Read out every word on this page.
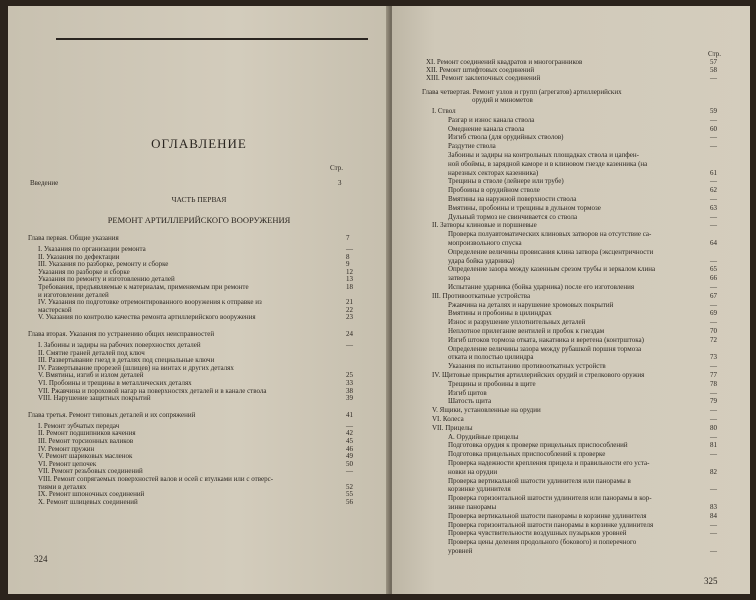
ОГЛАВЛЕНИЕ
Стр.
Введение	3
ЧАСТЬ ПЕРВАЯ
РЕМОНТ АРТИЛЛЕРИЙСКОГО ВООРУЖЕНИЯ
Глава первая. Общие указания	7
I. Указания по организации ремонта	—
II. Указания по дефектации	8
III. Указания по разборке, ремонту и сборке	9
Указания по разборке и сборке	12
Указания по ремонту и изготовлению деталей	13
Требования, предъявляемые к материалам, применяемым при ремонте	18
и изготовлении деталей
IV. Указания по подготовке отремонтированного вооружения к отправке из	21
мастерской	22
V. Указания по контролю качества ремонта артиллерийского вооружения	23
Глава вторая. Указания по устранению общих неисправностей	24
I. Забоины и задиры на рабочих поверхностях деталей	—
II. Смятие граней деталей под ключ
III. Развертывание гнезд в деталях под специальные ключи
IV. Развертывание прорезей (шлицев) на винтах и других деталях
V. Вмятины, изгиб и излом деталей	25
VI. Пробоины и трещины в металлических деталях	33
VII. Ржавчина и пороховой нагар на поверхностях деталей и в канале ствола	38
VIII. Нарушение защитных покрытий	39
Глава третья. Ремонт типовых деталей и их сопряжений	41
I. Ремонт зубчатых передач	—
II. Ремонт подшипников качения	42
III. Ремонт торсионных валиков	45
IV. Ремонт пружин	46
V. Ремонт шариковых масленок	49
VI. Ремонт цепочек	50
VII. Ремонт резьбовых соединений	—
VIII. Ремонт сопрягаемых поверхностей валов и осей с втулками или с отверс-
тиями в деталях	52
IX. Ремонт шпоночных соединений	55
X. Ремонт шлицевых соединений	56
324
Стр.
XI. Ремонт соединений квадратов и многогранников	57
XII. Ремонт штифтовых соединений	58
XIII. Ремонт заклепочных соединений	—
Глава четвертая. Ремонт узлов и групп (агрегатов) артиллерийских
орудий и минометов
I. Ствол	59
Разгар и износ канала ствола	—
Омеднение канала ствола	60
Изгиб ствола (для орудийных стволов)	—
Раздутие ствола	—
Забоины и задиры на контрольных площадках ствола и цапфен-
ной обоймы, в зарядной каморе и в клиновом гнезде казенника (на
нарезных секторах казенника)	61
Трещины в стволе (лейнере или трубе)	—
Пробоины в орудийном стволе	62
Вмятины на наружной поверхности ствола	—
Вмятины, пробоины и трещины в дульном тормозе	63
Дульный тормоз не свинчивается со ствола	—
II. Затворы клиновые и поршневые	—
Проверка полуавтоматических клиновых затворов на отсутствие са-
мопроизвольного спуска	64
Определение величины провисания клина затвора (эксцентричности
удара бойка ударника)	—
Определение зазора между казенным срезом трубы и зеркалом клина	65
затвора	66
Испытание ударника (бойка ударника) после его изготовления	—
III. Противооткатные устройства	67
Ржавчина на деталях и нарушение хромовых покрытий	—
Вмятины и пробоины в цилиндрах	69
Износ и разрушение уплотнительных деталей	—
Неплотное прилегание вентилей и пробок к гнездам	70
Изгиб штоков тормоза отката, накатника и веретена (контрштока)	72
Определение величины зазора между рубашкой поршня тормоза
отката и полостью цилиндра	73
Указания по испытанию противооткатных устройств	—
IV. Щитовые прикрытия артиллерийских орудий и стрелкового оружия	77
Трещины и пробоины в щите	78
Изгиб щитов	—
Шатость щита	79
V. Ящики, установленные на орудии	—
VI. Колеса	—
VII. Прицелы	80
А. Орудийные прицелы	—
Подготовка орудия к проверке прицельных приспособлений	81
Подготовка прицельных приспособлений к проверке	—
Проверка надежности крепления прицела и правильности его уста-
новки на орудии	82
Проверка вертикальной шатости удлинителя или панорамы в
корзинке удлинителя	—
Проверка горизонтальной шатости удлинителя или панорамы в кор-
зинке панорамы	83
Проверка вертикальной шатости панорамы в корзинке удлинителя	84
Проверка горизонтальной шатости панорамы в корзинке удлинителя	—
Проверка чувствительности воздушных пузырьков уровней	—
Проверка цены деления продольного (бокового) и поперечного
уровней	—
325
